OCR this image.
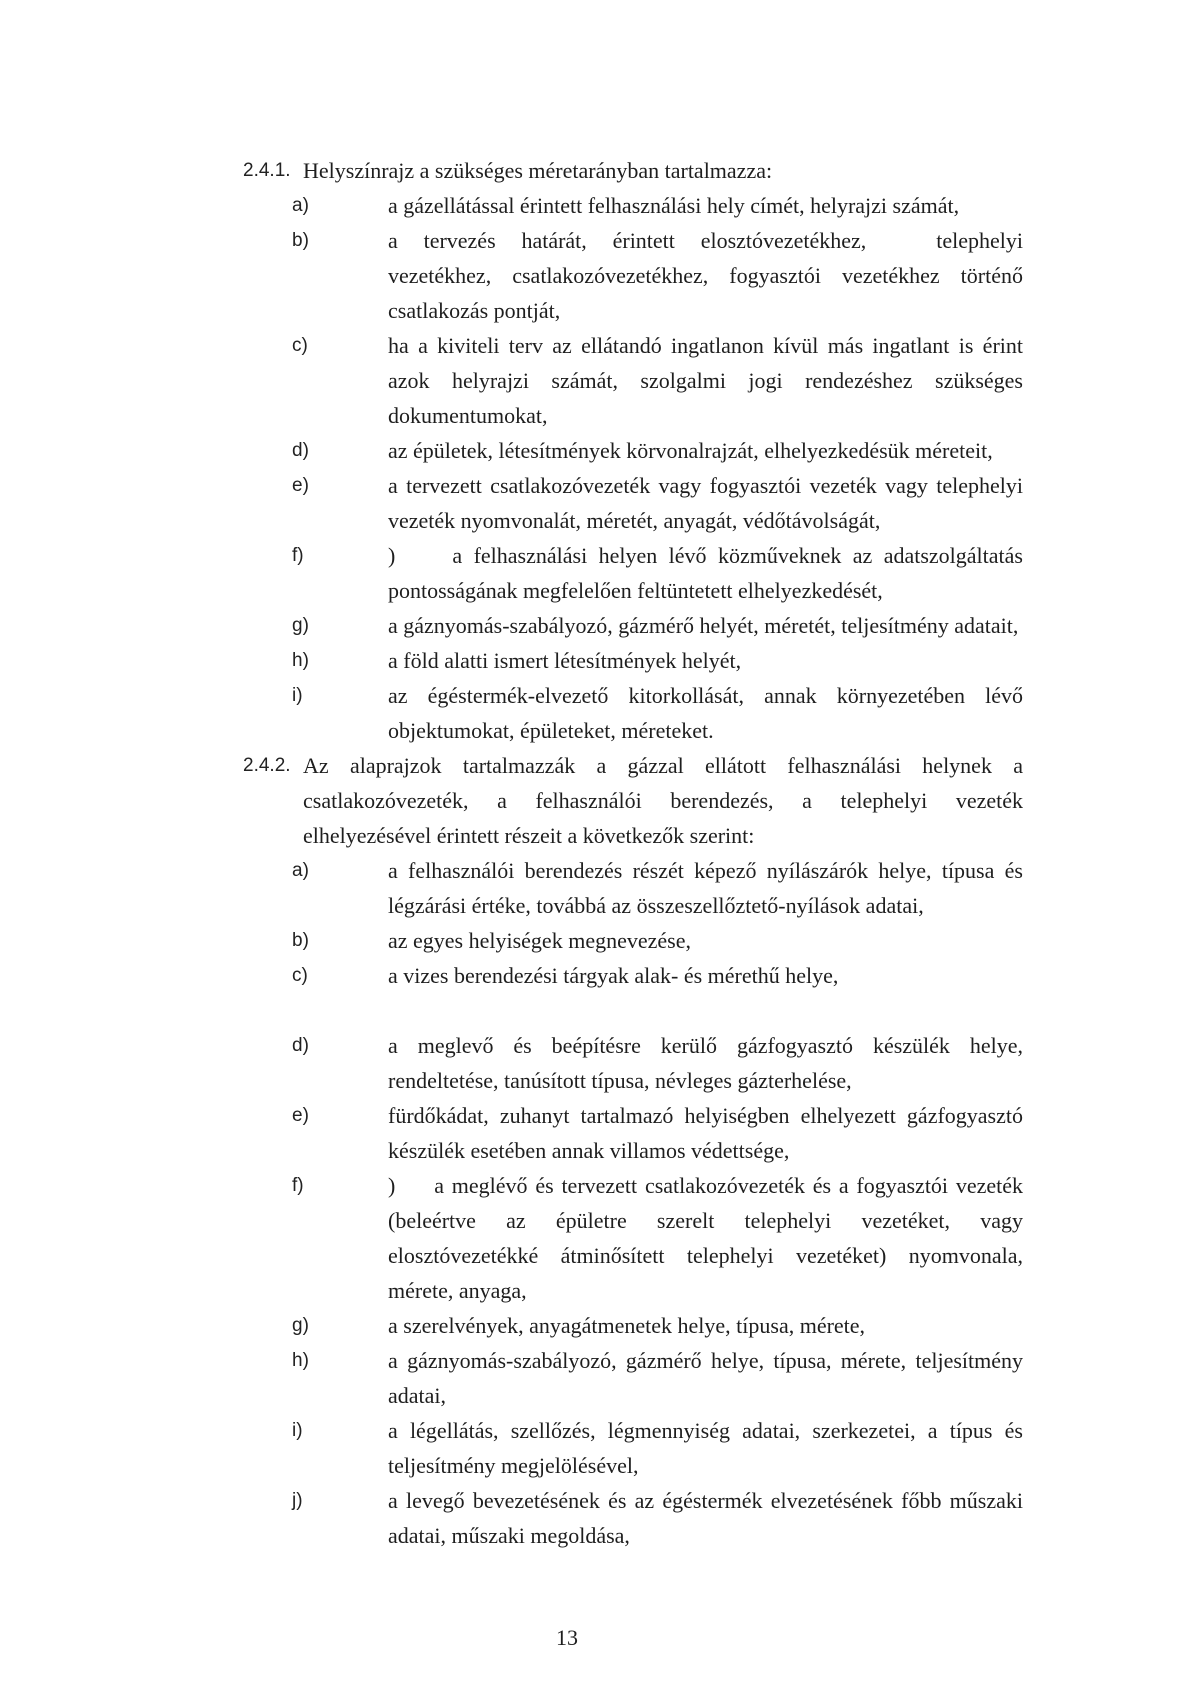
2.4.1. Helyszínrajz a szükséges méretarányban tartalmazza:
a)	a gázellátással érintett felhasználási hely címét, helyrajzi számát,
b)	a tervezés határát, érintett elosztóvezetékhez,	telephelyi
vezetékhez, csatlakozóvezetékhez, fogyasztói vezetékhez történő
csatlakozás pontját,
c)	ha a kiviteli terv az ellátandó ingatlanon kívül más ingatlant is érint
azok helyrajzi számát, szolgalmi jogi rendezéshez szükséges
dokumentumokat,
d)	az épületek, létesítmények körvonalrajzát, elhelyezkedésük méreteit,
e)	a tervezett csatlakozóvezeték vagy fogyasztói vezeték vagy telephelyi
vezeték nyomvonalát, méretét, anyagát, védőtávolságát,
f)	)     a felhasználási helyen lévő közműveknek az adatszolgáltatás
pontosságának megfelelően feltüntetett elhelyezkedését,
g)	a gáznyomás-szabályozó, gázmérő helyét, méretét, teljesítmény adatait,
h)	a föld alatti ismert létesítmények helyét,
i)	az égéstermék-elvezető kitorkollását, annak környezetében lévő
objektumokat, épületeket, méreteket.
2.4.2. Az alaprajzok tartalmazzák a gázzal ellátott felhasználási helynek a
csatlakozóvezeték, a felhasználói berendezés, a telephelyi vezeték
elhelyezésével érintett részeit a következők szerint:
a)	a felhasználói berendezés részét képező nyílászárók helye, típusa és
légzárási értéke, továbbá az összeszellőztető-nyílások adatai,
b)	az egyes helyiségek megnevezése,
c)	a vizes berendezési tárgyak alak- és mérethű helye,
d)	a meglevő és beépítésre kerülő gázfogyasztó készülék helye,
rendeltetése, tanúsított típusa, névleges gázterhelése,
e)	fürdőkádat, zuhanyt tartalmazó helyiségben elhelyezett gázfogyasztó
készülék esetében annak villamos védettsége,
f)	)     a meglévő és tervezett csatlakozóvezeték és a fogyasztói vezeték
(beleértve az épületre szerelt telephelyi vezetéket, vagy
elosztóvezetékké átminősített telephelyi vezetéket) nyomvonala,
mérete, anyaga,
g)	a szerelvények, anyagátmenetek helye, típusa, mérete,
h)	a gáznyomás-szabályozó, gázmérő helye, típusa, mérete, teljesítmény
adatai,
i)	a légellátás, szellőzés, légmennyiség adatai, szerkezetei, a típus és
teljesítmény megjelölésével,
j)	a levegő bevezetésének és az égéstermék elvezetésének főbb műszaki
adatai, műszaki megoldása,
13
